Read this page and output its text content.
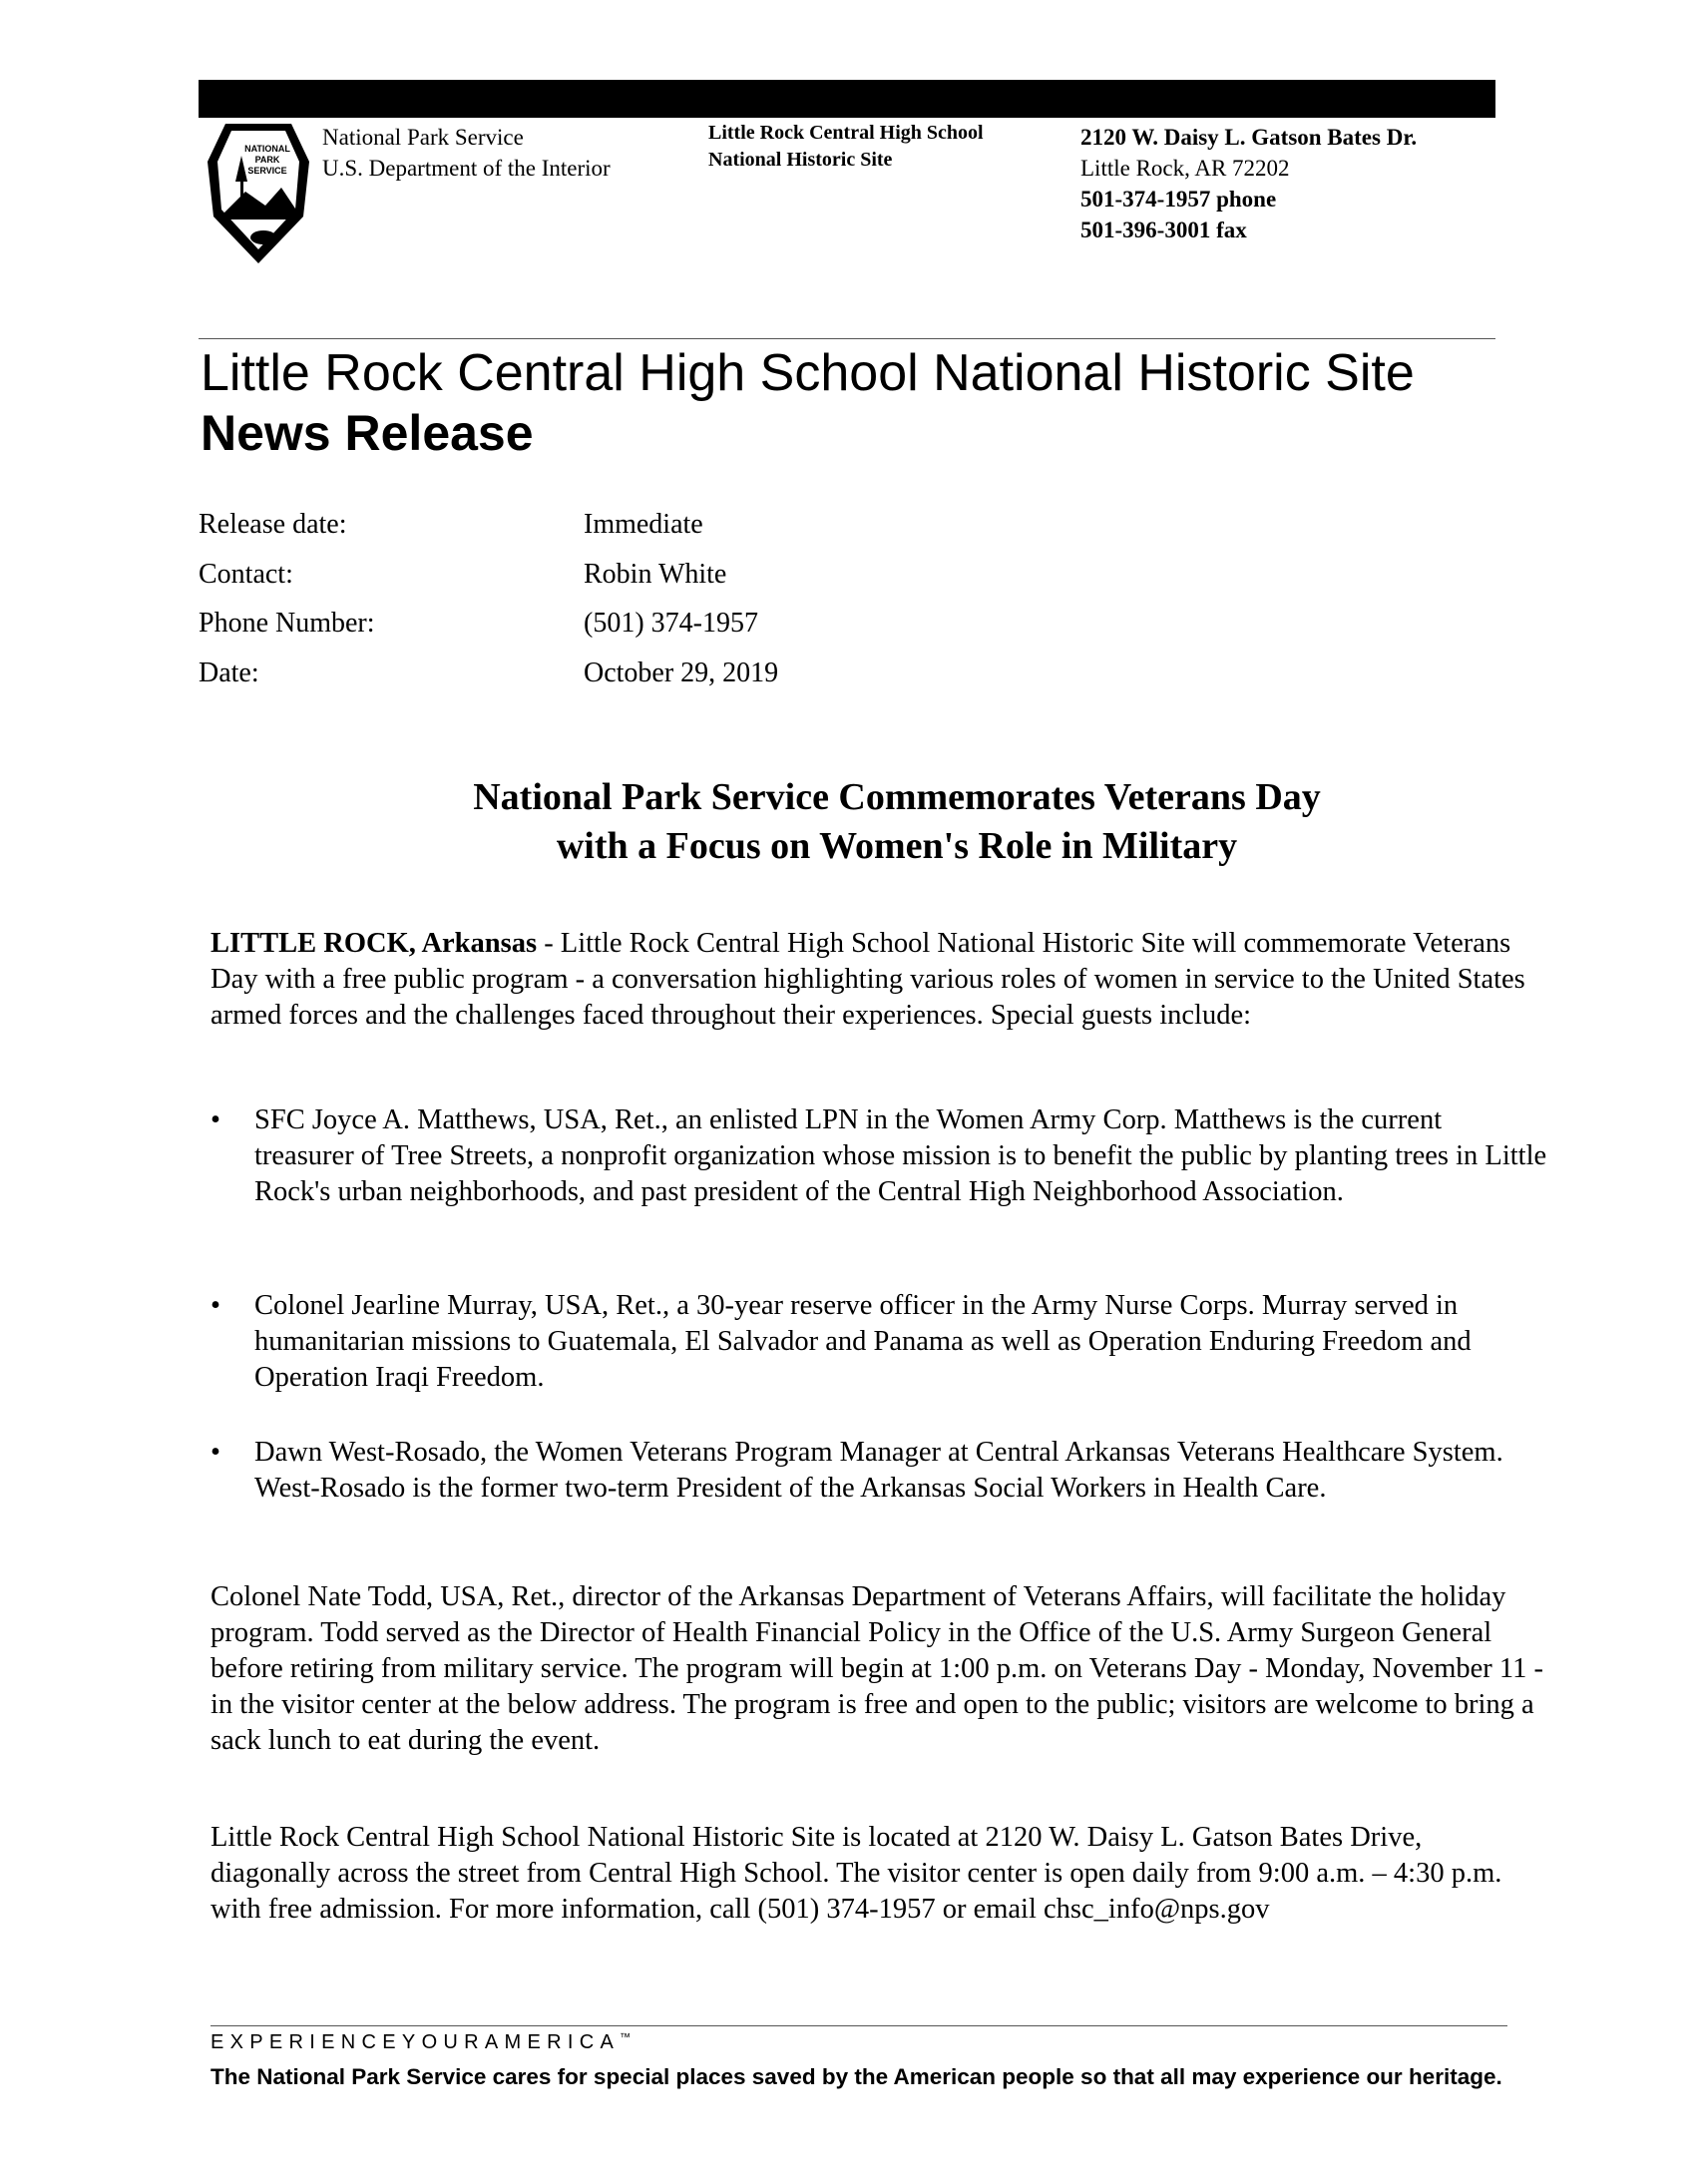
NATIONAL
PARK
SERVICE
National Park Service
U.S. Department of the Interior
Little Rock Central High School
National Historic Site
2120 W. Daisy L. Gatson Bates Dr.
Little Rock, AR 72202
501-374-1957 phone
501-396-3001 fax
Little Rock Central High School National Historic Site
News Release
Release date:	Immediate
Contact:	Robin White
Phone Number:	(501) 374-1957
Date:	October 29, 2019
National Park Service Commemorates Veterans Day
with a Focus on Women's Role in Military

LITTLE ROCK, Arkansas - Little Rock Central High School National Historic Site will commemorate Veterans Day with a free public program - a conversation highlighting various roles of women in service to the United States armed forces and the challenges faced throughout their experiences. Special guests include:

•	SFC Joyce A. Matthews, USA, Ret., an enlisted LPN in the Women Army Corp. Matthews is the current treasurer of Tree Streets, a nonprofit organization whose mission is to benefit the public by planting trees in Little Rock's urban neighborhoods, and past president of the Central High Neighborhood Association.
•	Colonel Jearline Murray, USA, Ret., a 30-year reserve officer in the Army Nurse Corps. Murray served in humanitarian missions to Guatemala, El Salvador and Panama as well as Operation Enduring Freedom and Operation Iraqi Freedom.
•	Dawn West-Rosado, the Women Veterans Program Manager at Central Arkansas Veterans Healthcare System. West-Rosado is the former two-term President of the Arkansas Social Workers in Health Care.

Colonel Nate Todd, USA, Ret., director of the Arkansas Department of Veterans Affairs, will facilitate the holiday program. Todd served as the Director of Health Financial Policy in the Office of the U.S. Army Surgeon General before retiring from military service. The program will begin at 1:00 p.m. on Veterans Day - Monday, November 11 - in the visitor center at the below address. The program is free and open to the public; visitors are welcome to bring a sack lunch to eat during the event.

Little Rock Central High School National Historic Site is located at 2120 W. Daisy L. Gatson Bates Drive, diagonally across the street from Central High School. The visitor center is open daily from 9:00 a.m. – 4:30 p.m. with free admission. For more information, call (501) 374-1957 or email chsc_info@nps.gov

EXPERIENCEYOURAMERICA™
The National Park Service cares for special places saved by the American people so that all may experience our heritage.
